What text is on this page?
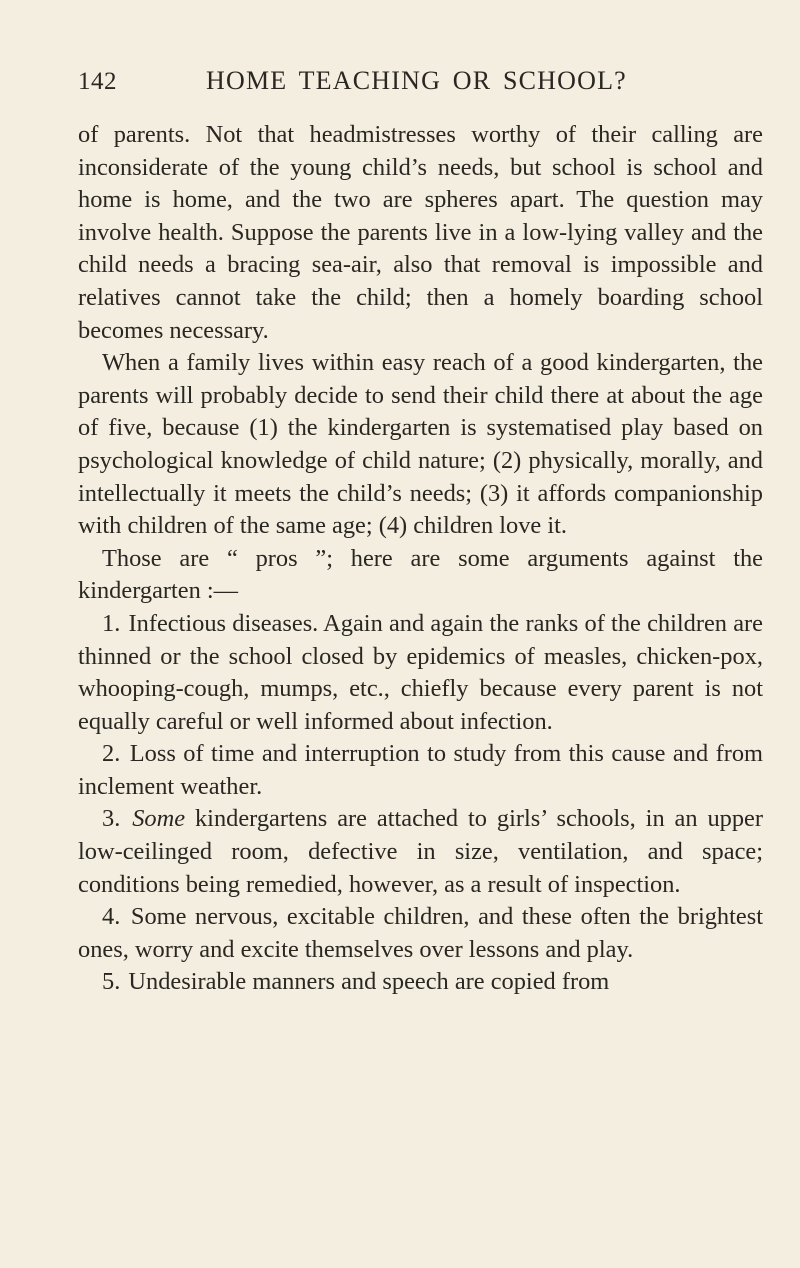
142	HOME TEACHING OR SCHOOL?

of parents. Not that headmistresses worthy of their calling are inconsiderate of the young child’s needs, but school is school and home is home, and the two are spheres apart. The question may involve health. Suppose the parents live in a low-lying valley and the child needs a bracing sea-air, also that removal is impossible and relatives cannot take the child; then a homely boarding school becomes necessary.

When a family lives within easy reach of a good kindergarten, the parents will probably decide to send their child there at about the age of five, because (1) the kindergarten is systematised play based on psychological knowledge of child nature; (2) physically, morally, and intellectually it meets the child’s needs; (3) it affords companionship with children of the same age; (4) children love it.

Those are “ pros ”; here are some arguments against the kindergarten :—

1. Infectious diseases. Again and again the ranks of the children are thinned or the school closed by epidemics of measles, chicken-pox, whooping-cough, mumps, etc., chiefly because every parent is not equally careful or well informed about infection.

2. Loss of time and interruption to study from this cause and from inclement weather.

3. Some kindergartens are attached to girls’ schools, in an upper low-ceilinged room, defective in size, ventilation, and space; conditions being remedied, however, as a result of inspection.

4. Some nervous, excitable children, and these often the brightest ones, worry and excite themselves over lessons and play.

5. Undesirable manners and speech are copied from
